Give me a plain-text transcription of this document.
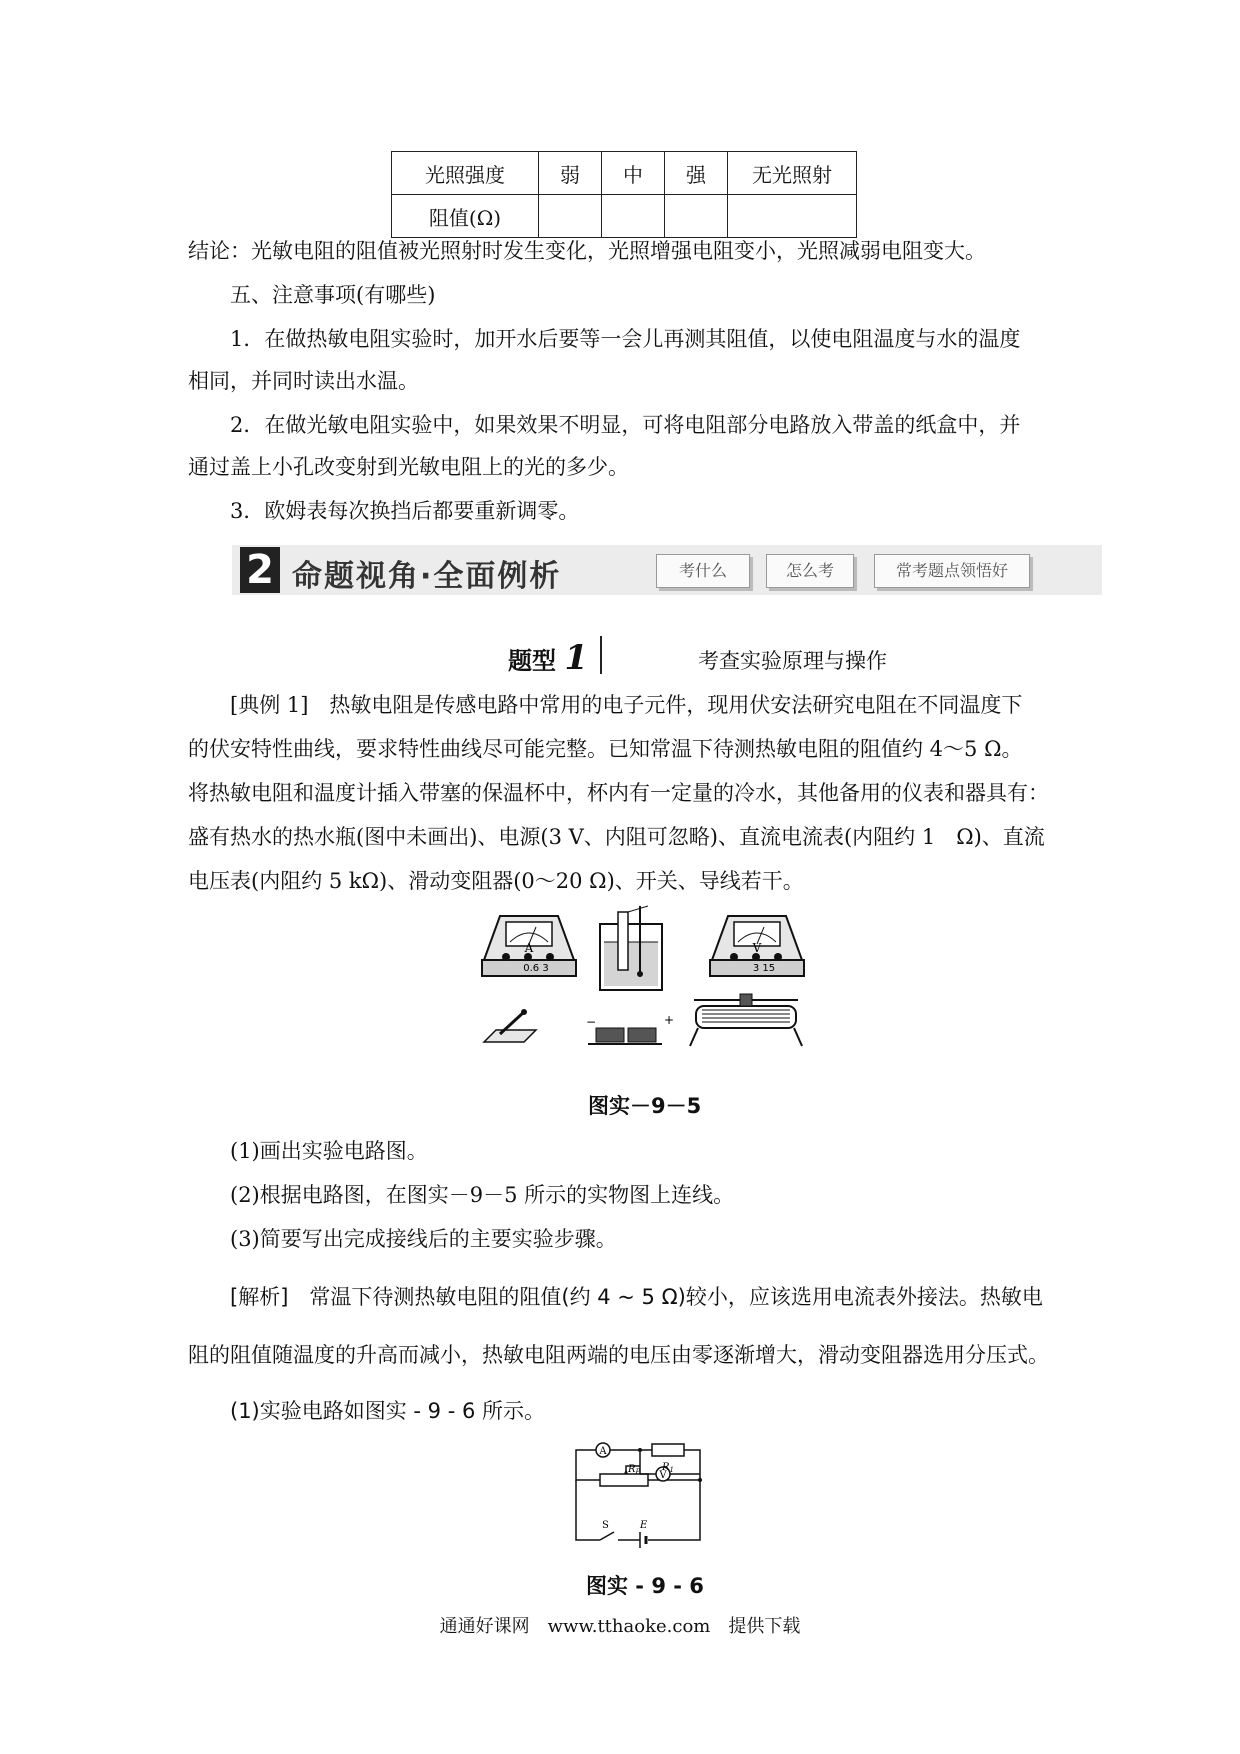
光照强度	弱	中	强	无光照射
阻值(Ω)				
结论：光敏电阻的阻值被光照射时发生变化，光照增强电阻变小，光照减弱电阻变大。
五、注意事项(有哪些)
1．在做热敏电阻实验时，加开水后要等一会儿再测其阻值，以使电阻温度与水的温度
相同，并同时读出水温。
2．在做光敏电阻实验中，如果效果不明显，可将电阻部分电路放入带盖的纸盒中，并
通过盖上小孔改变射到光敏电阻上的光的多少。
3．欧姆表每次换挡后都要重新调零。
2 命题视角·全面例析	考什么	怎么考	常考题点领悟好
题型 1	考查实验原理与操作
[典例 1]　热敏电阻是传感电路中常用的电子元件，现用伏安法研究电阻在不同温度下
的伏安特性曲线，要求特性曲线尽可能完整。已知常温下待测热敏电阻的阻值约 4～5 Ω。
将热敏电阻和温度计插入带塞的保温杯中，杯内有一定量的冷水，其他备用的仪表和器具有：
盛有热水的热水瓶(图中未画出)、电源(3 V、内阻可忽略)、直流电流表(内阻约 1　Ω)、直流
电压表(内阻约 5 kΩ)、滑动变阻器(0～20 Ω)、开关、导线若干。
A
0.6 3
V
3 15
−	+
图实－9－5
(1)画出实验电路图。
(2)根据电路图，在图实－9－5 所示的实物图上连线。
(3)简要写出完成接线后的主要实验步骤。
[解析]　常温下待测热敏电阻的阻值(约 4 ~ 5 Ω)较小，应该选用电流表外接法。热敏电
阻的阻值随温度的升高而减小，热敏电阻两端的电压由零逐渐增大，滑动变阻器选用分压式。
(1)实验电路如图实 - 9 - 6 所示。
A
V
$R_1$
$R_P$
S	E
图实 - 9 - 6
通通好课网　www.tthaoke.com　提供下载
